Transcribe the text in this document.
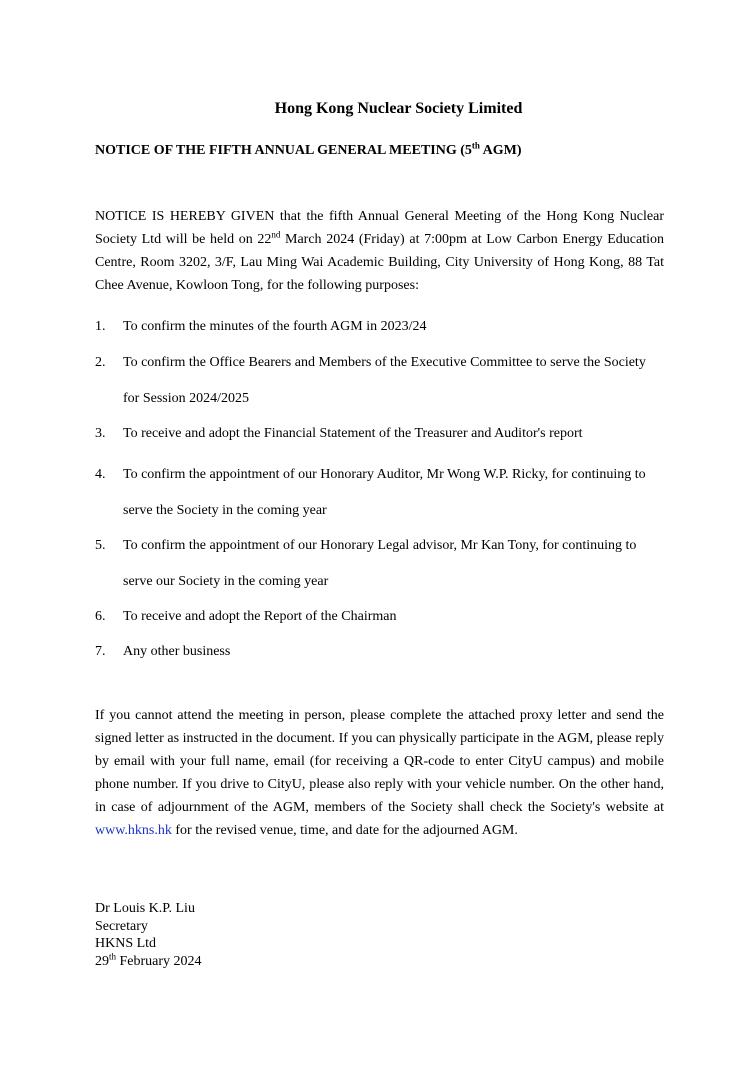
Hong Kong Nuclear Society Limited
NOTICE OF THE FIFTH ANNUAL GENERAL MEETING (5th AGM)
NOTICE IS HEREBY GIVEN that the fifth Annual General Meeting of the Hong Kong Nuclear Society Ltd will be held on 22nd March 2024 (Friday) at 7:00pm at Low Carbon Energy Education Centre, Room 3202, 3/F, Lau Ming Wai Academic Building, City University of Hong Kong, 88 Tat Chee Avenue, Kowloon Tong, for the following purposes:
1.	To confirm the minutes of the fourth AGM in 2023/24
2.	To confirm the Office Bearers and Members of the Executive Committee to serve the Society for Session 2024/2025
3.	To receive and adopt the Financial Statement of the Treasurer and Auditor's report
4.	To confirm the appointment of our Honorary Auditor, Mr Wong W.P. Ricky, for continuing to serve the Society in the coming year
5.	To confirm the appointment of our Honorary Legal advisor, Mr Kan Tony, for continuing to serve our Society in the coming year
6.	To receive and adopt the Report of the Chairman
7.	Any other business
If you cannot attend the meeting in person, please complete the attached proxy letter and send the signed letter as instructed in the document. If you can physically participate in the AGM, please reply by email with your full name, email (for receiving a QR-code to enter CityU campus) and mobile phone number. If you drive to CityU, please also reply with your vehicle number. On the other hand, in case of adjournment of the AGM, members of the Society shall check the Society's website at www.hkns.hk for the revised venue, time, and date for the adjourned AGM.
Dr Louis K.P. Liu
Secretary
HKNS Ltd
29th February 2024
